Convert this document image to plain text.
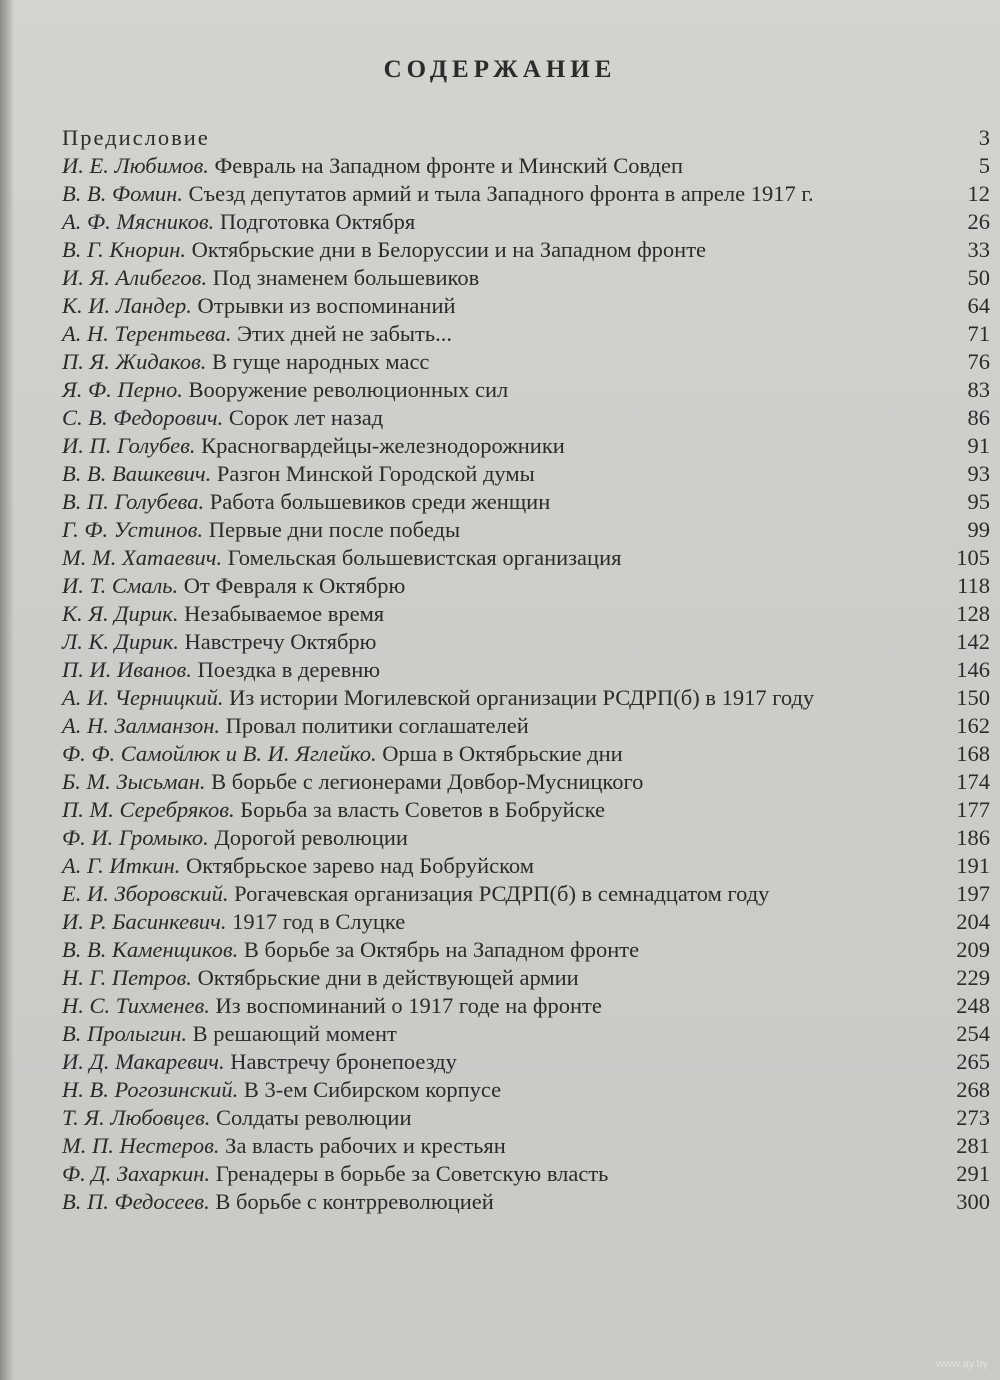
СОДЕРЖАНИЕ
Предисловие	3
И. Е. Любимов. Февраль на Западном фронте и Минский Совдеп	5
В. В. Фомин. Съезд депутатов армий и тыла Западного фронта в апреле 1917 г.	12
А. Ф. Мясников. Подготовка Октября	26
В. Г. Кнорин. Октябрьские дни в Белоруссии и на Западном фронте	33
И. Я. Алибегов. Под знаменем большевиков	50
К. И. Ландер. Отрывки из воспоминаний	64
А. Н. Терентьева. Этих дней не забыть...	71
П. Я. Жидаков. В гуще народных масс	76
Я. Ф. Перно. Вооружение революционных сил	83
С. В. Федорович. Сорок лет назад	86
И. П. Голубев. Красногвардейцы-железнодорожники	91
В. В. Вашкевич. Разгон Минской Городской думы	93
В. П. Голубева. Работа большевиков среди женщин	95
Г. Ф. Устинов. Первые дни после победы	99
М. М. Хатаевич. Гомельская большевистская организация	105
И. Т. Смаль. От Февраля к Октябрю	118
К. Я. Дирик. Незабываемое время	128
Л. К. Дирик. Навстречу Октябрю	142
П. И. Иванов. Поездка в деревню	146
А. И. Черницкий. Из истории Могилевской организации РСДРП(б) в 1917 году	150
А. Н. Залманзон. Провал политики соглашателей	162
Ф. Ф. Самойлюк и В. И. Яглейко. Орша в Октябрьские дни	168
Б. М. Зысьман. В борьбе с легионерами Довбор-Мусницкого	174
П. М. Серебряков. Борьба за власть Советов в Бобруйске	177
Ф. И. Громыко. Дорогой революции	186
А. Г. Иткин. Октябрьское зарево над Бобруйском	191
Е. И. Зборовский. Рогачевская организация РСДРП(б) в семнадцатом году	197
И. Р. Басинкевич. 1917 год в Слуцке	204
В. В. Каменщиков. В борьбе за Октябрь на Западном фронте	209
Н. Г. Петров. Октябрьские дни в действующей армии	229
Н. С. Тихменев. Из воспоминаний о 1917 годе на фронте	248
В. Пролыгин. В решающий момент	254
И. Д. Макаревич. Навстречу бронепоезду	265
Н. В. Рогозинский. В 3-ем Сибирском корпусе	268
Т. Я. Любовцев. Солдаты революции	273
М. П. Нестеров. За власть рабочих и крестьян	281
Ф. Д. Захаркин. Гренадеры в борьбе за Советскую власть	291
В. П. Федосеев. В борьбе с контрреволюцией	300
www.ay.by
